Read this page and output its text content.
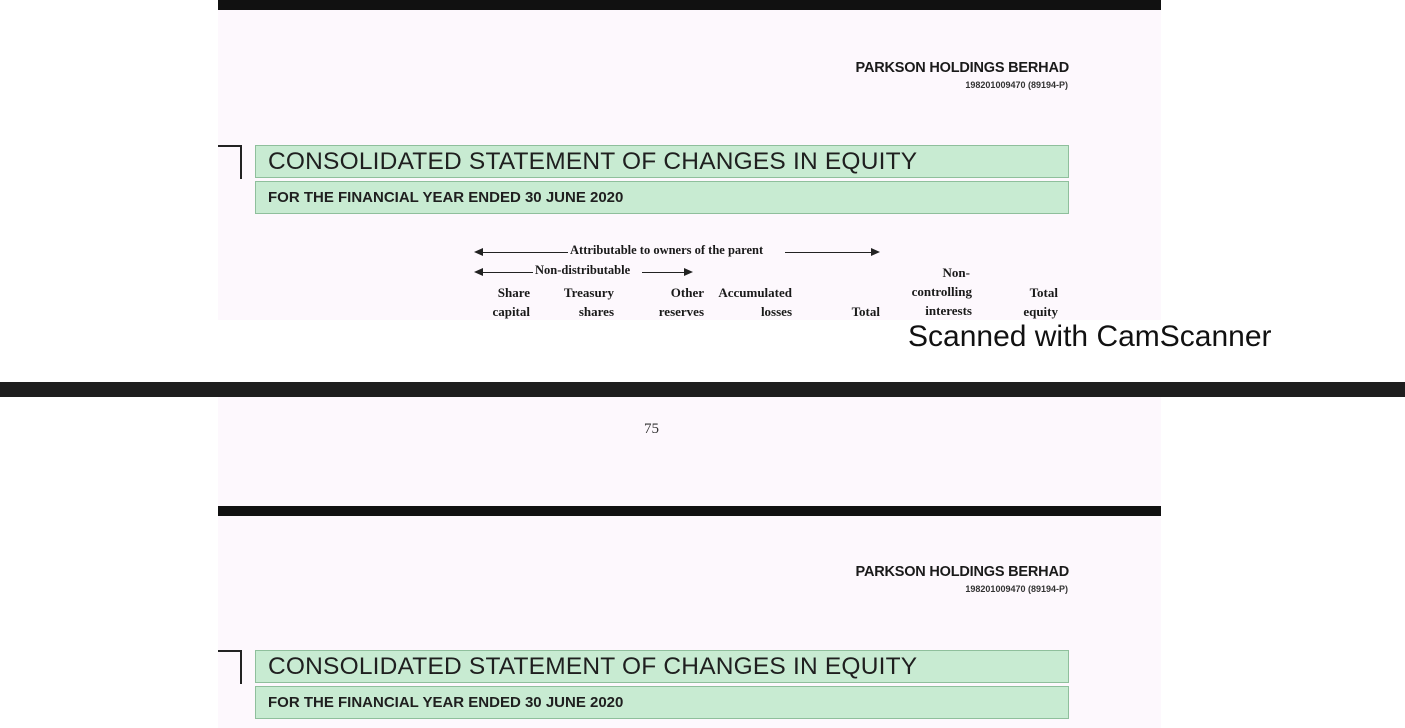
PARKSON HOLDINGS BERHAD
198201009470 (89194-P)
CONSOLIDATED STATEMENT OF CHANGES IN EQUITY
FOR THE FINANCIAL YEAR ENDED 30 JUNE 2020
Attributable to owners of the parent
Non-distributable
Share
capital
Treasury
shares
Other
reserves
Accumulated
losses
	Total
Non-
controlling
interests
Total
equity
Scanned with CamScanner
75
PARKSON HOLDINGS BERHAD
198201009470 (89194-P)
CONSOLIDATED STATEMENT OF CHANGES IN EQUITY
FOR THE FINANCIAL YEAR ENDED 30 JUNE 2020
